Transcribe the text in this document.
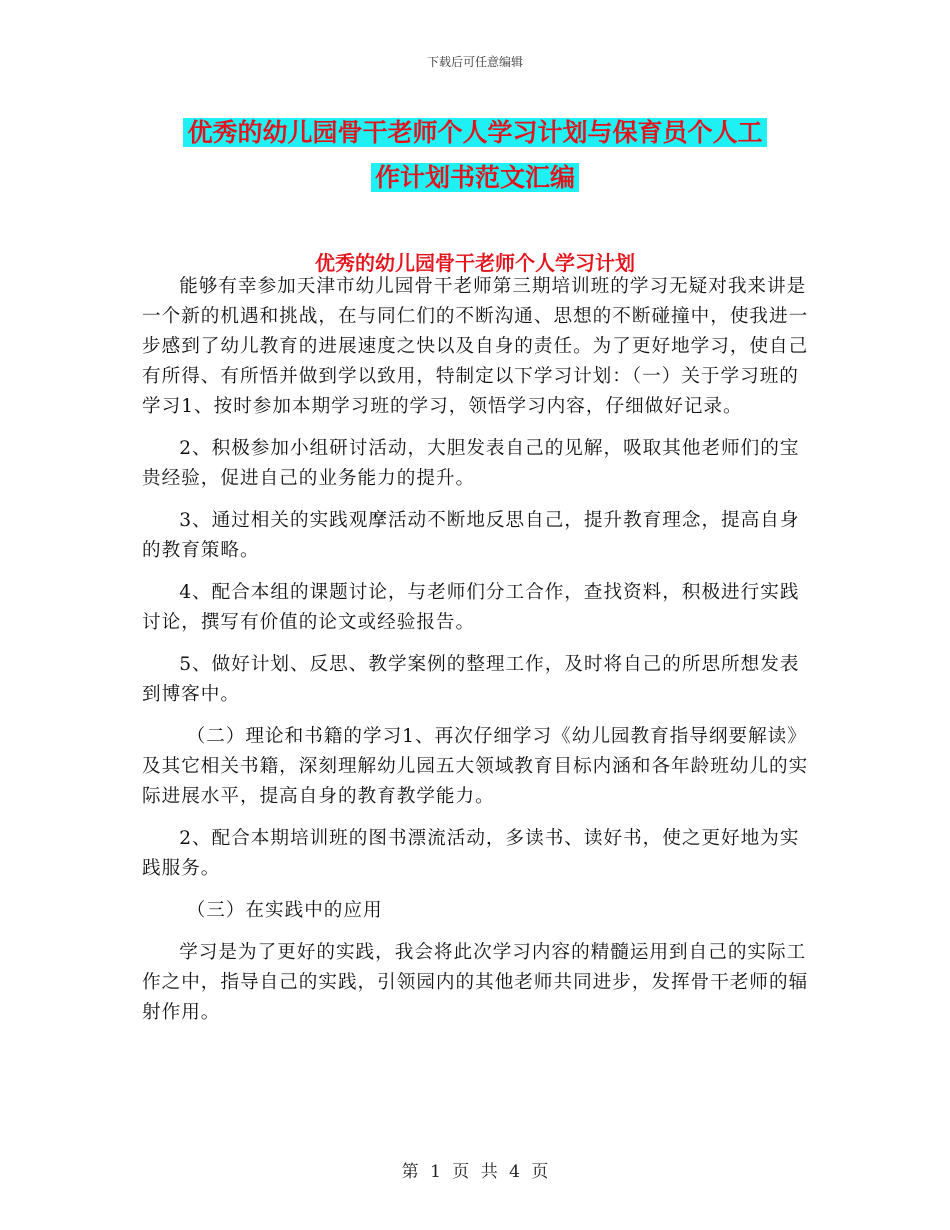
下载后可任意编辑
优秀的幼儿园骨干老师个人学习计划与保育员个人工
作计划书范文汇编
优秀的幼儿园骨干老师个人学习计划

能够有幸参加天津市幼儿园骨干老师第三期培训班的学习无疑对我来讲是一个新的机遇和挑战，在与同仁们的不断沟通、思想的不断碰撞中，使我进一步感到了幼儿教育的进展速度之快以及自身的责任。为了更好地学习，使自己有所得、有所悟并做到学以致用，特制定以下学习计划：（一）关于学习班的学习1、按时参加本期学习班的学习，领悟学习内容，仔细做好记录。

2、积极参加小组研讨活动，大胆发表自己的见解，吸取其他老师们的宝贵经验，促进自己的业务能力的提升。

3、通过相关的实践观摩活动不断地反思自己，提升教育理念，提高自身的教育策略。

4、配合本组的课题讨论，与老师们分工合作，查找资料，积极进行实践讨论，撰写有价值的论文或经验报告。

5、做好计划、反思、教学案例的整理工作，及时将自己的所思所想发表到博客中。

（二）理论和书籍的学习1、再次仔细学习《幼儿园教育指导纲要解读》及其它相关书籍，深刻理解幼儿园五大领域教育目标内涵和各年龄班幼儿的实际进展水平，提高自身的教育教学能力。

2、配合本期培训班的图书漂流活动，多读书、读好书，使之更好地为实践服务。

（三）在实践中的应用

学习是为了更好的实践，我会将此次学习内容的精髓运用到自己的实际工作之中，指导自己的实践，引领园内的其他老师共同进步，发挥骨干老师的辐射作用。

第 1 页 共 4 页
